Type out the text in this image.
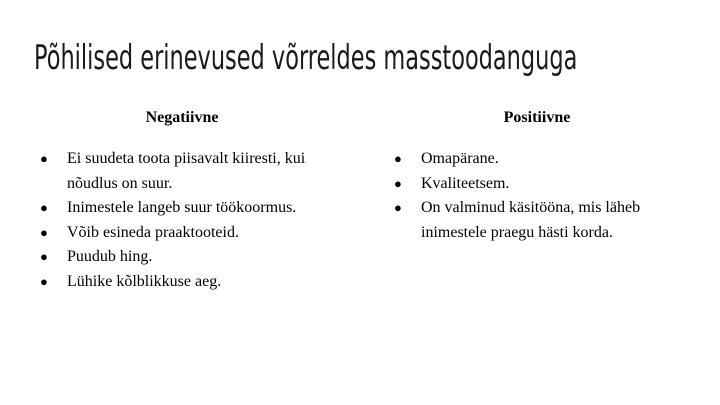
Põhilised erinevused võrreldes masstoodanguga
Negatiivne
● Ei suudeta toota piisavalt kiiresti, kui nõudlus on suur.
● Inimestele langeb suur töökoormus.
● Võib esineda praaktooteid.
● Puudub hing.
● Lühike kõlblikkuse aeg.
Positiivne
● Omapärane.
● Kvaliteetsem.
● On valminud käsitööna, mis läheb inimestele praegu hästi korda.
